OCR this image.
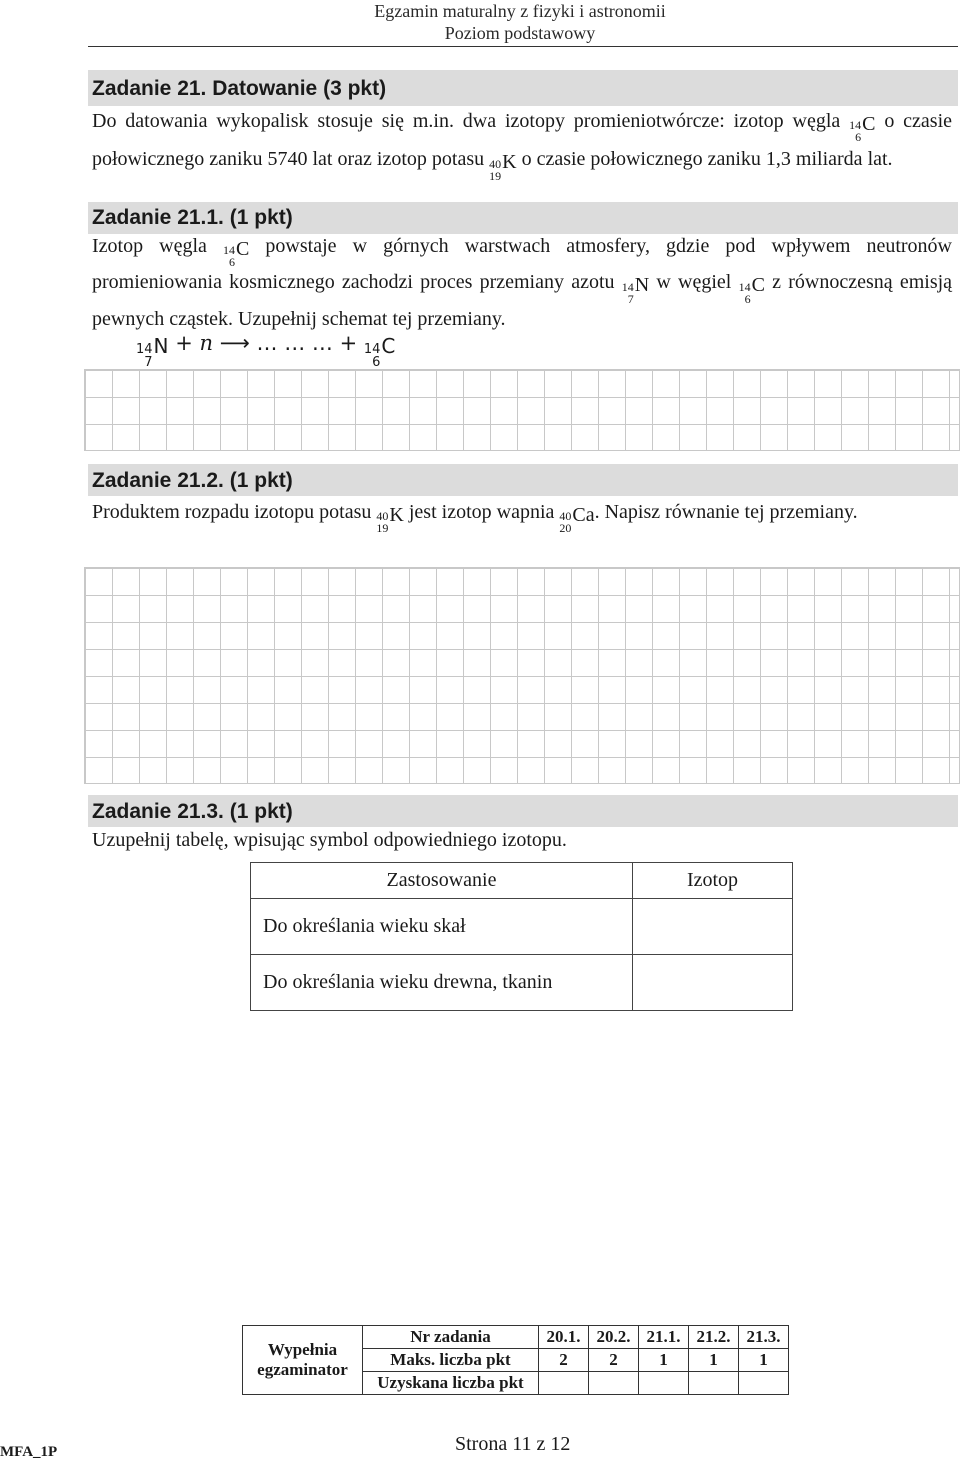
Egzamin maturalny z fizyki i astronomii
Poziom podstawowy
Zadanie 21. Datowanie (3 pkt)
Do datowania wykopalisk stosuje się m.in. dwa izotopy promieniotwórcze: izotop węgla 14
6
C o czasie połowicznego zaniku 5740 lat oraz izotop potasu 40
19
K o czasie połowicznego zaniku 1,3 miliarda lat.
Zadanie 21.1. (1 pkt)
Izotop węgla 14
6
C powstaje w górnych warstwach atmosfery, gdzie pod wpływem neutronów promieniowania kosmicznego zachodzi proces przemiany azotu 14
7
N w węgiel 14
6
C z równoczesną emisją pewnych cząstek. Uzupełnij schemat tej przemiany.
14
7
N + n ⟶ … … … + 14
6
C
Zadanie 21.2. (1 pkt)
Produktem rozpadu izotopu potasu 40
19
K jest izotop wapnia 40
20
Ca. Napisz równanie tej przemiany.
Zadanie 21.3. (1 pkt)
Uzupełnij tabelę, wpisując symbol odpowiedniego izotopu.
Zastosowanie	Izotop
Do określania wieku skał	
Do określania wieku drewna, tkanin	
Wypełnia egzaminator	Nr zadania	20.1.	20.2.	21.1.	21.2.	21.3.
	Maks. liczba pkt	2	2	1	1	1
	Uzyskana liczba pkt					
Strona 11 z 12
MFA_1P
